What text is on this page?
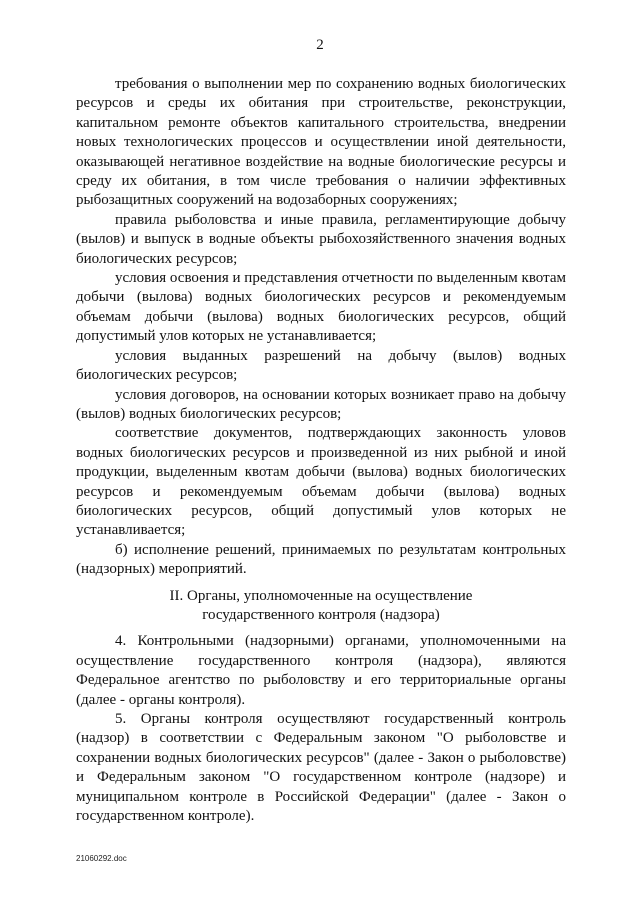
2

требования о выполнении мер по сохранению водных биологических ресурсов и среды их обитания при строительстве, реконструкции, капитальном ремонте объектов капитального строительства, внедрении новых технологических процессов и осуществлении иной деятельности, оказывающей негативное воздействие на водные биологические ресурсы и среду их обитания, в том числе требования о наличии эффективных рыбозащитных сооружений на водозаборных сооружениях;

правила рыболовства и иные правила, регламентирующие добычу (вылов) и выпуск в водные объекты рыбохозяйственного значения водных биологических ресурсов;

условия освоения и представления отчетности по выделенным квотам добычи (вылова) водных биологических ресурсов и рекомендуемым объемам добычи (вылова) водных биологических ресурсов, общий допустимый улов которых не устанавливается;

условия выданных разрешений на добычу (вылов) водных биологических ресурсов;

условия договоров, на основании которых возникает право на добычу (вылов) водных биологических ресурсов;

соответствие документов, подтверждающих законность уловов водных биологических ресурсов и произведенной из них рыбной и иной продукции, выделенным квотам добычи (вылова) водных биологических ресурсов и рекомендуемым объемам добычи (вылова) водных биологических ресурсов, общий допустимый улов которых не устанавливается;

б) исполнение решений, принимаемых по результатам контрольных (надзорных) мероприятий.

II. Органы, уполномоченные на осуществление
государственного контроля (надзора)

4. Контрольными (надзорными) органами, уполномоченными на осуществление государственного контроля (надзора), являются Федеральное агентство по рыболовству и его территориальные органы (далее - органы контроля).

5. Органы контроля осуществляют государственный контроль (надзор) в соответствии с Федеральным законом "О рыболовстве и сохранении водных биологических ресурсов" (далее - Закон о рыболовстве) и Федеральным законом "О государственном контроле (надзоре) и муниципальном контроле в Российской Федерации" (далее - Закон о государственном контроле).

21060292.doc
